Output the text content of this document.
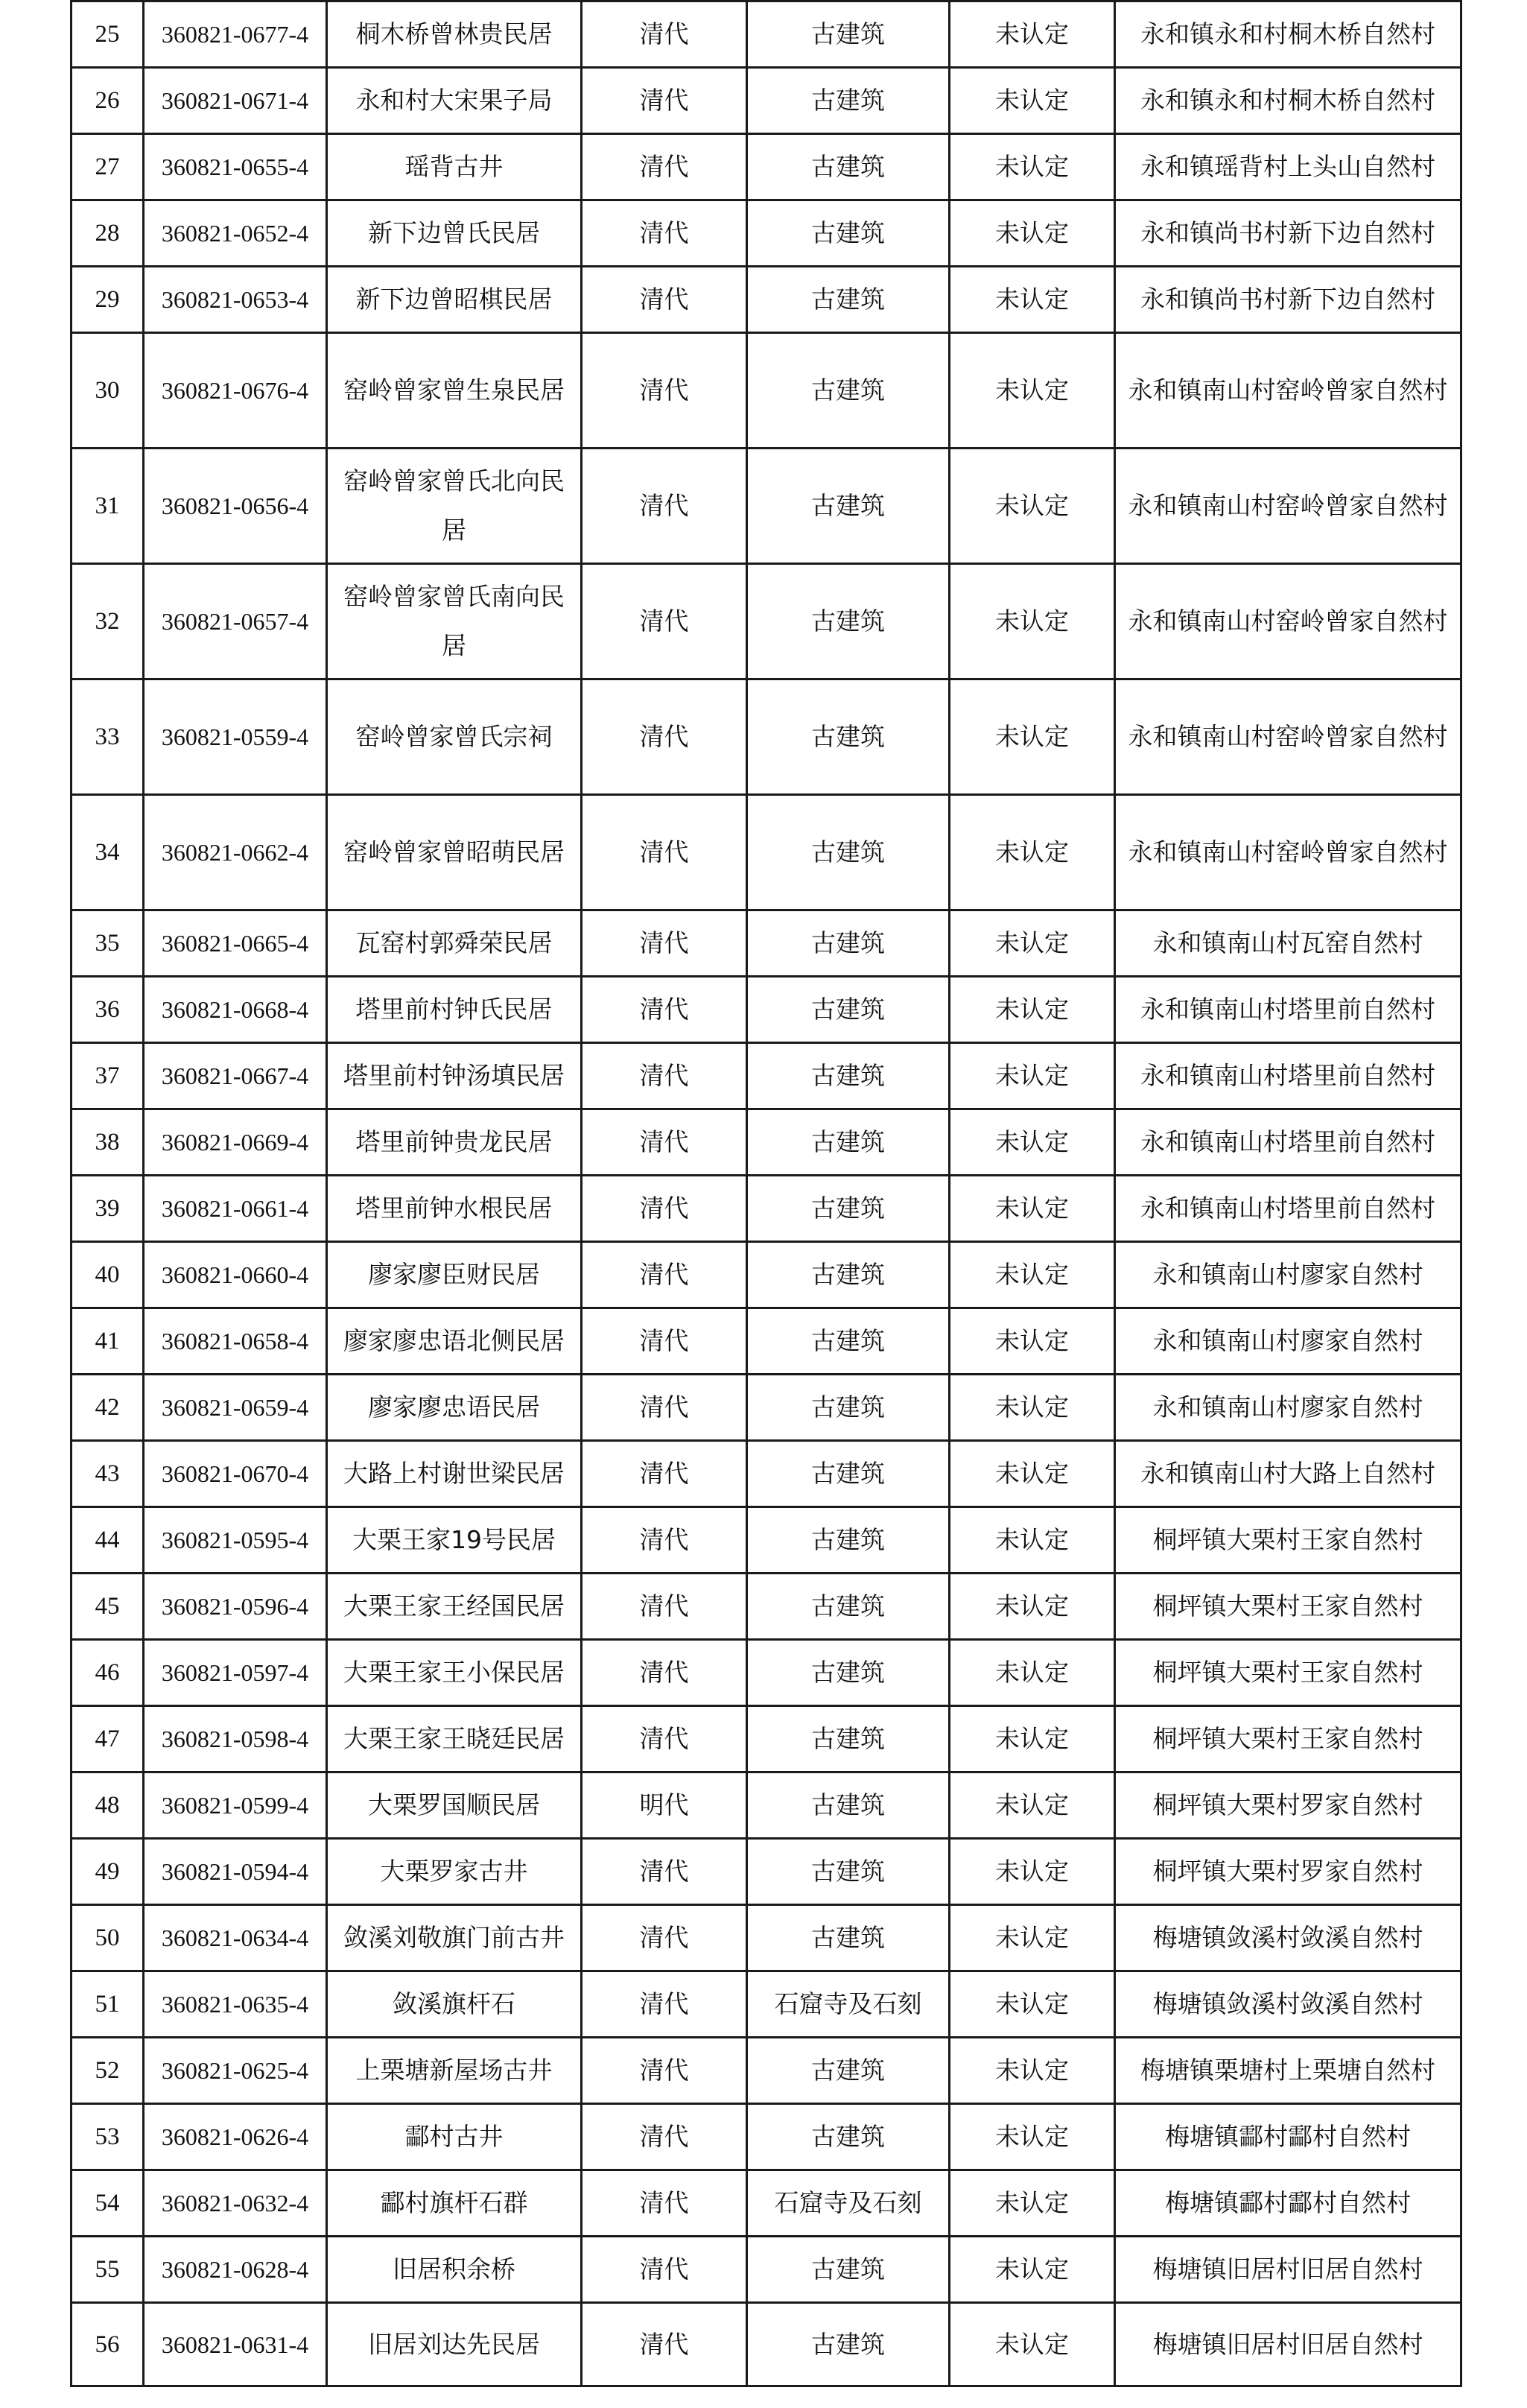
25	360821-0677-4	桐木桥曾林贵民居	清代	古建筑	未认定	永和镇永和村桐木桥自然村
26	360821-0671-4	永和村大宋果子局	清代	古建筑	未认定	永和镇永和村桐木桥自然村
27	360821-0655-4	瑶背古井	清代	古建筑	未认定	永和镇瑶背村上头山自然村
28	360821-0652-4	新下边曾氏民居	清代	古建筑	未认定	永和镇尚书村新下边自然村
29	360821-0653-4	新下边曾昭棋民居	清代	古建筑	未认定	永和镇尚书村新下边自然村
30	360821-0676-4	窑岭曾家曾生泉民居	清代	古建筑	未认定	永和镇南山村窑岭曾家自然村
31	360821-0656-4	窑岭曾家曾氏北向民居	清代	古建筑	未认定	永和镇南山村窑岭曾家自然村
32	360821-0657-4	窑岭曾家曾氏南向民居	清代	古建筑	未认定	永和镇南山村窑岭曾家自然村
33	360821-0559-4	窑岭曾家曾氏宗祠	清代	古建筑	未认定	永和镇南山村窑岭曾家自然村
34	360821-0662-4	窑岭曾家曾昭萌民居	清代	古建筑	未认定	永和镇南山村窑岭曾家自然村
35	360821-0665-4	瓦窑村郭舜荣民居	清代	古建筑	未认定	永和镇南山村瓦窑自然村
36	360821-0668-4	塔里前村钟氏民居	清代	古建筑	未认定	永和镇南山村塔里前自然村
37	360821-0667-4	塔里前村钟汤填民居	清代	古建筑	未认定	永和镇南山村塔里前自然村
38	360821-0669-4	塔里前钟贵龙民居	清代	古建筑	未认定	永和镇南山村塔里前自然村
39	360821-0661-4	塔里前钟水根民居	清代	古建筑	未认定	永和镇南山村塔里前自然村
40	360821-0660-4	廖家廖臣财民居	清代	古建筑	未认定	永和镇南山村廖家自然村
41	360821-0658-4	廖家廖忠语北侧民居	清代	古建筑	未认定	永和镇南山村廖家自然村
42	360821-0659-4	廖家廖忠语民居	清代	古建筑	未认定	永和镇南山村廖家自然村
43	360821-0670-4	大路上村谢世梁民居	清代	古建筑	未认定	永和镇南山村大路上自然村
44	360821-0595-4	大栗王家19号民居	清代	古建筑	未认定	桐坪镇大栗村王家自然村
45	360821-0596-4	大栗王家王经国民居	清代	古建筑	未认定	桐坪镇大栗村王家自然村
46	360821-0597-4	大栗王家王小保民居	清代	古建筑	未认定	桐坪镇大栗村王家自然村
47	360821-0598-4	大栗王家王晓廷民居	清代	古建筑	未认定	桐坪镇大栗村王家自然村
48	360821-0599-4	大栗罗国顺民居	明代	古建筑	未认定	桐坪镇大栗村罗家自然村
49	360821-0594-4	大栗罗家古井	清代	古建筑	未认定	桐坪镇大栗村罗家自然村
50	360821-0634-4	敛溪刘敬旗门前古井	清代	古建筑	未认定	梅塘镇敛溪村敛溪自然村
51	360821-0635-4	敛溪旗杆石	清代	石窟寺及石刻	未认定	梅塘镇敛溪村敛溪自然村
52	360821-0625-4	上栗塘新屋场古井	清代	古建筑	未认定	梅塘镇栗塘村上栗塘自然村
53	360821-0626-4	酃村古井	清代	古建筑	未认定	梅塘镇酃村酃村自然村
54	360821-0632-4	酃村旗杆石群	清代	石窟寺及石刻	未认定	梅塘镇酃村酃村自然村
55	360821-0628-4	旧居积余桥	清代	古建筑	未认定	梅塘镇旧居村旧居自然村
56	360821-0631-4	旧居刘达先民居	清代	古建筑	未认定	梅塘镇旧居村旧居自然村
